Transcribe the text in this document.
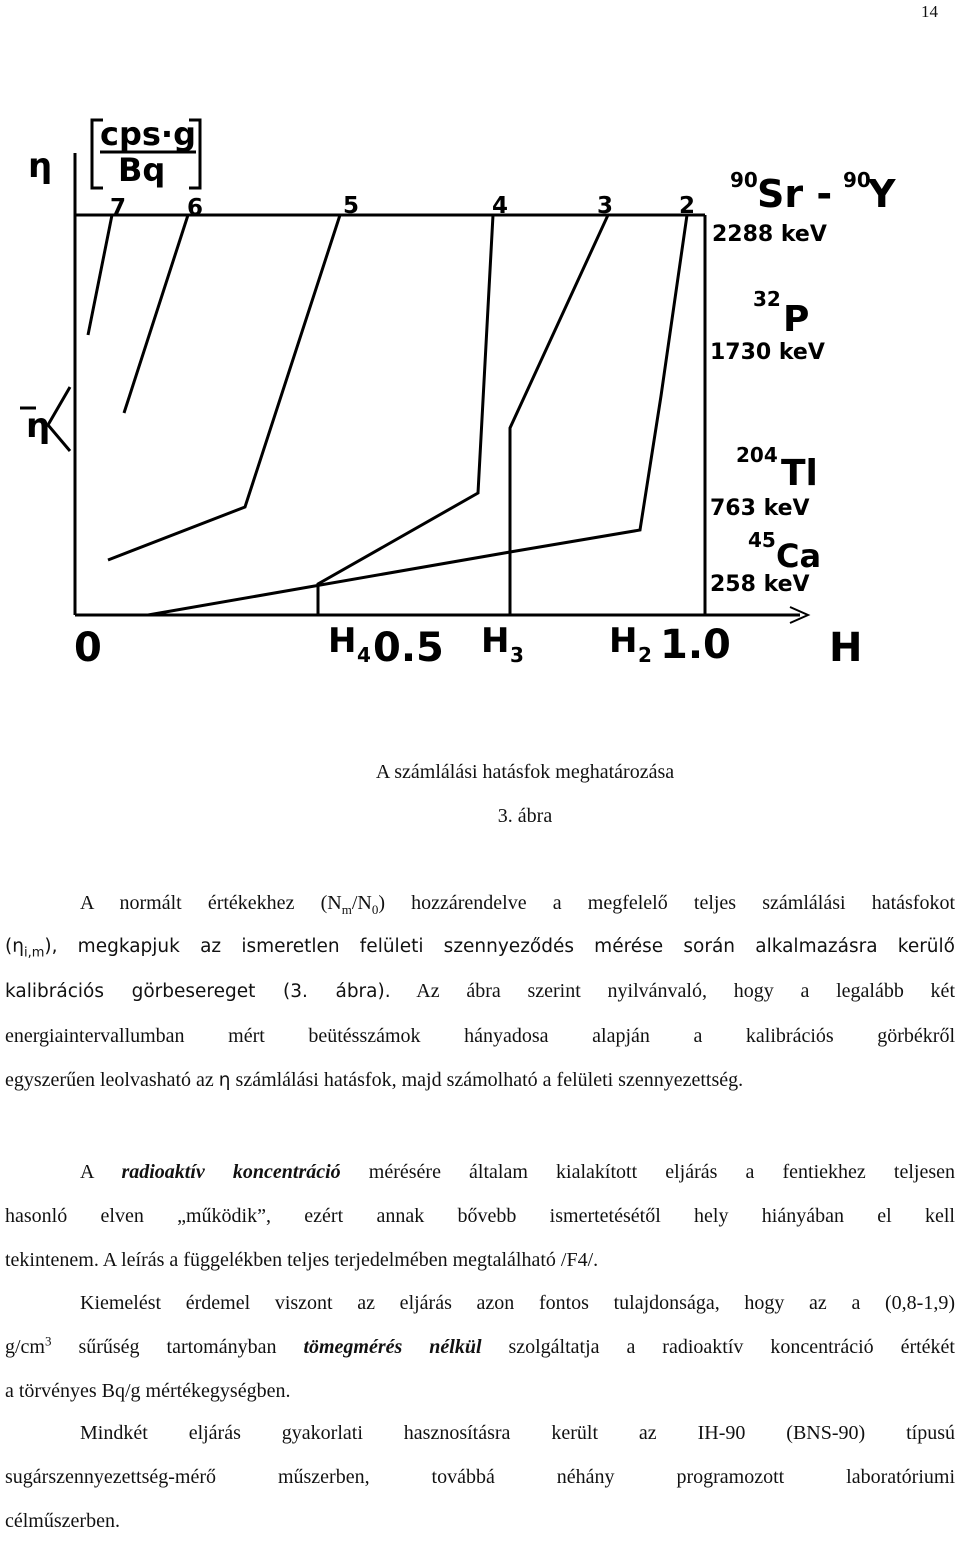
14
η
η
cps·g
Bq
7	6	5	4	3	2
90 Sr - 90
Y
2288 keV
32 P
1730 keV
204 Tl
763 keV
45 Ca
258 keV
0	H 4 0.5 H 3	H 2 1.0 H
A számlálási hatásfok meghatározása
3. ábra
A normált értékekhez $(N_m/N_0)$ hozzárendelve a megfelelő teljes számlálási hatásfokot
$(\eta_{i,m})$, megkapjuk az ismeretlen felületi szennyeződés mérése során alkalmazásra kerülő
kalibrációs görbesereget (3. ábra). Az ábra szerint nyilvánvaló, hogy a legalább két
energiaintervallumban mért beütésszámok hányadosa alapján a kalibrációs görbékről
egyszerűen leolvasható az η számlálási hatásfok, majd számolható a felületi szennyezettség.
A radioaktív koncentráció mérésére általam kialakított eljárás a fentiekhez teljesen
hasonló elven „működik”, ezért annak bővebb ismertetésétől hely hiányában el kell
tekintenem. A leírás a függelékben teljes terjedelmében megtalálható /F4/.
Kiemelést érdemel viszont az eljárás azon fontos tulajdonsága, hogy az a (0,8-1,9)
$g/cm^3$ sűrűség tartományban tömegmérés nélkül szolgáltatja a radioaktív koncentráció értékét
a törvényes Bq/g mértékegységben.
Mindkét eljárás gyakorlati hasznosításra került az IH-90 (BNS-90) típusú
sugárszennyezettség-mérő műszerben, továbbá néhány programozott laboratóriumi
célműszerben.
